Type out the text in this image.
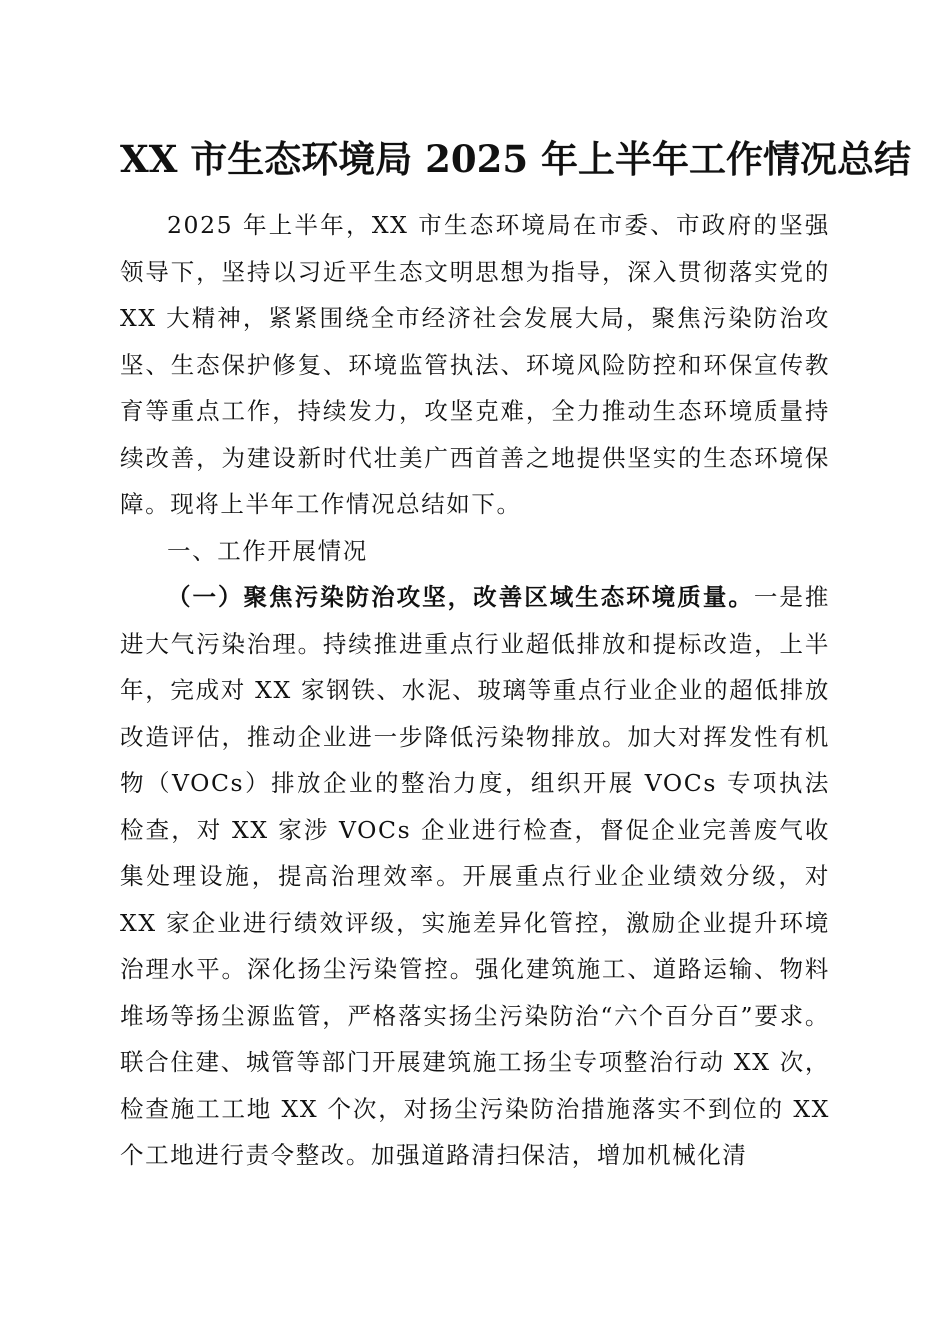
XX 市生态环境局 2025 年上半年工作情况总结

2025 年上半年，XX 市生态环境局在市委、市政府的坚强领导下，坚持以习近平生态文明思想为指导，深入贯彻落实党的 XX 大精神，紧紧围绕全市经济社会发展大局，聚焦污染防治攻坚、生态保护修复、环境监管执法、环境风险防控和环保宣传教育等重点工作，持续发力，攻坚克难，全力推动生态环境质量持续改善，为建设新时代壮美广西首善之地提供坚实的生态环境保障。现将上半年工作情况总结如下。

一、工作开展情况

（一）聚焦污染防治攻坚，改善区域生态环境质量。一是推进大气污染治理。持续推进重点行业超低排放和提标改造，上半年，完成对 XX 家钢铁、水泥、玻璃等重点行业企业的超低排放改造评估，推动企业进一步降低污染物排放。加大对挥发性有机物（VOCs）排放企业的整治力度，组织开展 VOCs 专项执法检查，对 XX 家涉 VOCs 企业进行检查，督促企业完善废气收集处理设施，提高治理效率。开展重点行业企业绩效分级，对 XX 家企业进行绩效评级，实施差异化管控，激励企业提升环境治理水平。深化扬尘污染管控。强化建筑施工、道路运输、物料堆场等扬尘源监管，严格落实扬尘污染防治“六个百分百”要求。联合住建、城管等部门开展建筑施工扬尘专项整治行动 XX 次，检查施工工地 XX 个次，对扬尘污染防治措施落实不到位的 XX 个工地进行责令整改。加强道路清扫保洁，增加机械化清
